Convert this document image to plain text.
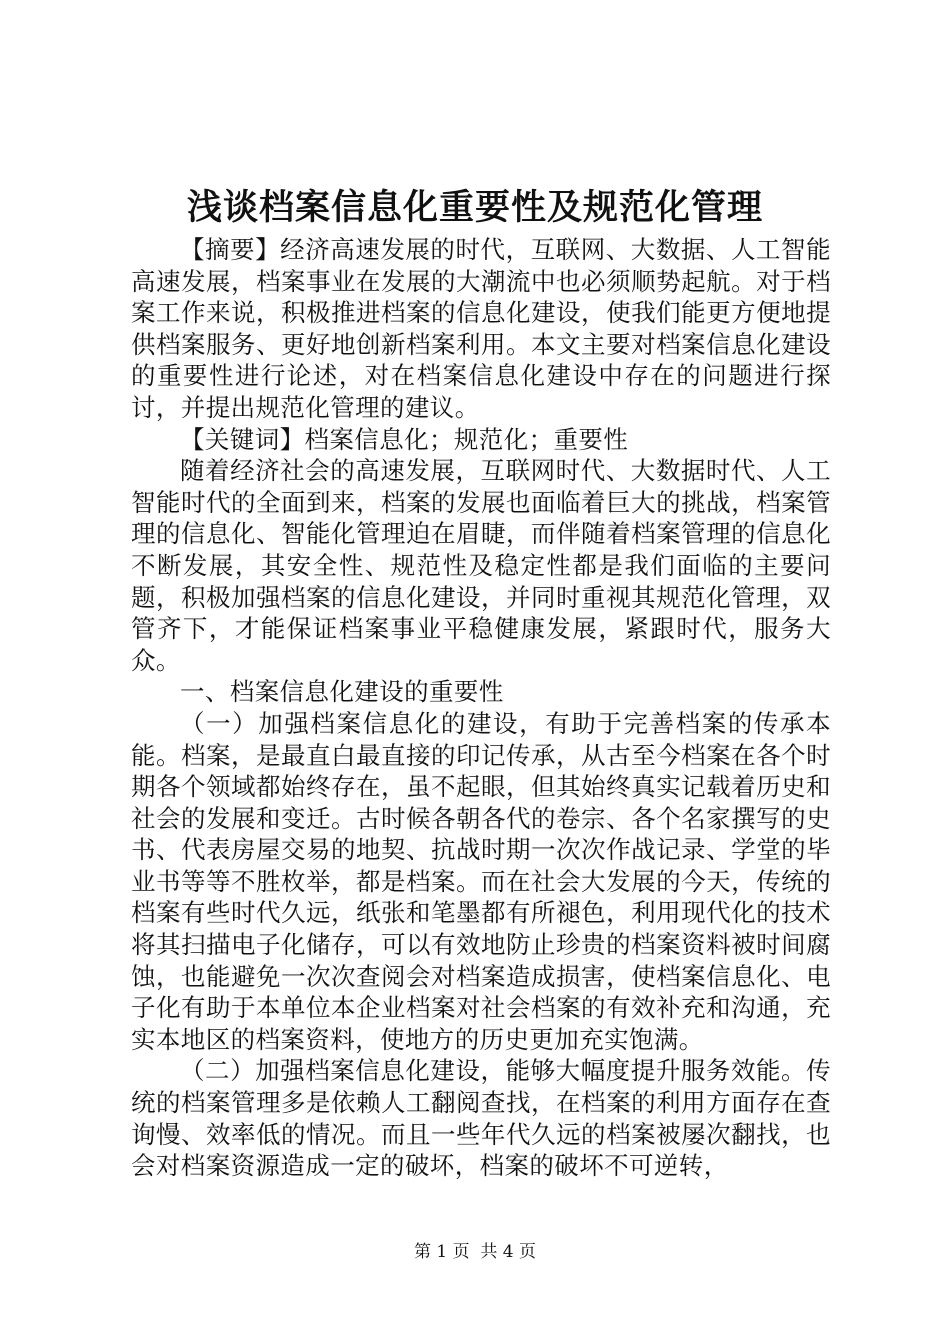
浅谈档案信息化重要性及规范化管理

【摘要】经济高速发展的时代，互联网、大数据、人工智能高速发展，档案事业在发展的大潮流中也必须顺势起航。对于档案工作来说，积极推进档案的信息化建设，使我们能更方便地提供档案服务、更好地创新档案利用。本文主要对档案信息化建设的重要性进行论述，对在档案信息化建设中存在的问题进行探讨，并提出规范化管理的建议。

【关键词】档案信息化；规范化；重要性

随着经济社会的高速发展，互联网时代、大数据时代、人工智能时代的全面到来，档案的发展也面临着巨大的挑战，档案管理的信息化、智能化管理迫在眉睫，而伴随着档案管理的信息化不断发展，其安全性、规范性及稳定性都是我们面临的主要问题，积极加强档案的信息化建设，并同时重视其规范化管理，双管齐下，才能保证档案事业平稳健康发展，紧跟时代，服务大众。

一、档案信息化建设的重要性

（一）加强档案信息化的建设，有助于完善档案的传承本能。档案，是最直白最直接的印记传承，从古至今档案在各个时期各个领域都始终存在，虽不起眼，但其始终真实记载着历史和社会的发展和变迁。古时候各朝各代的卷宗、各个名家撰写的史书、代表房屋交易的地契、抗战时期一次次作战记录、学堂的毕业书等等不胜枚举，都是档案。而在社会大发展的今天，传统的档案有些时代久远，纸张和笔墨都有所褪色，利用现代化的技术将其扫描电子化储存，可以有效地防止珍贵的档案资料被时间腐蚀，也能避免一次次查阅会对档案造成损害，使档案信息化、电子化有助于本单位本企业档案对社会档案的有效补充和沟通，充实本地区的档案资料，使地方的历史更加充实饱满。

（二）加强档案信息化建设，能够大幅度提升服务效能。传统的档案管理多是依赖人工翻阅查找，在档案的利用方面存在查询慢、效率低的情况。而且一些年代久远的档案被屡次翻找，也会对档案资源造成一定的破坏，档案的破坏不可逆转，

第 1 页  共 4 页
